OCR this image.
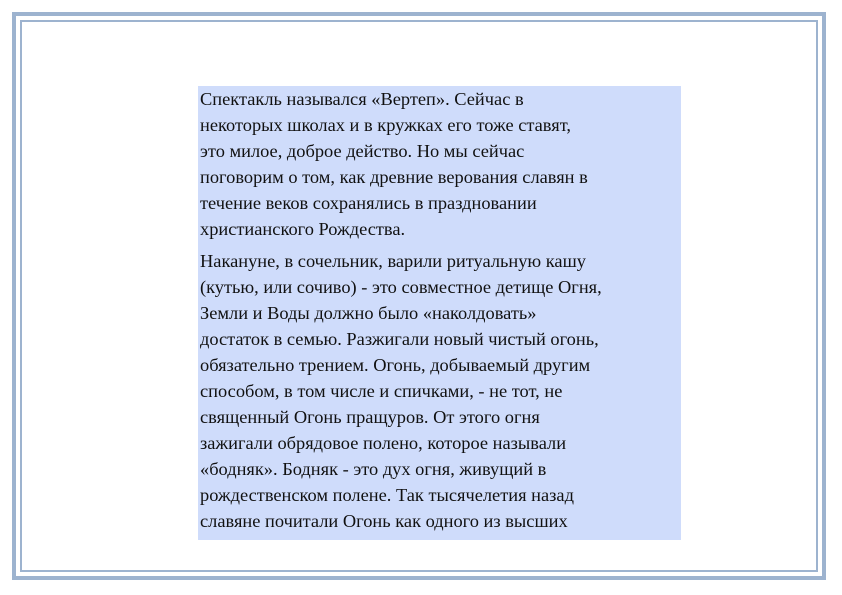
Спектакль назывался «Вертеп». Сейчас в
некоторых школах и в кружках его тоже ставят,
это милое, доброе действо. Но мы сейчас
поговорим о том, как древние верования славян в
течение веков сохранялись в праздновании
христианского Рождества.

Накануне, в сочельник, варили ритуальную кашу
(кутью, или сочиво) - это совместное детище Огня,
Земли и Воды должно было «наколдовать»
достаток в семью. Разжигали новый чистый огонь,
обязательно трением. Огонь, добываемый другим
способом, в том числе и спичками, - не тот, не
священный Огонь пращуров. От этого огня
зажигали обрядовое полено, которое называли
«бодняк». Бодняк - это дух огня, живущий в
рождественском полене. Так тысячелетия назад
славяне почитали Огонь как одного из высших
